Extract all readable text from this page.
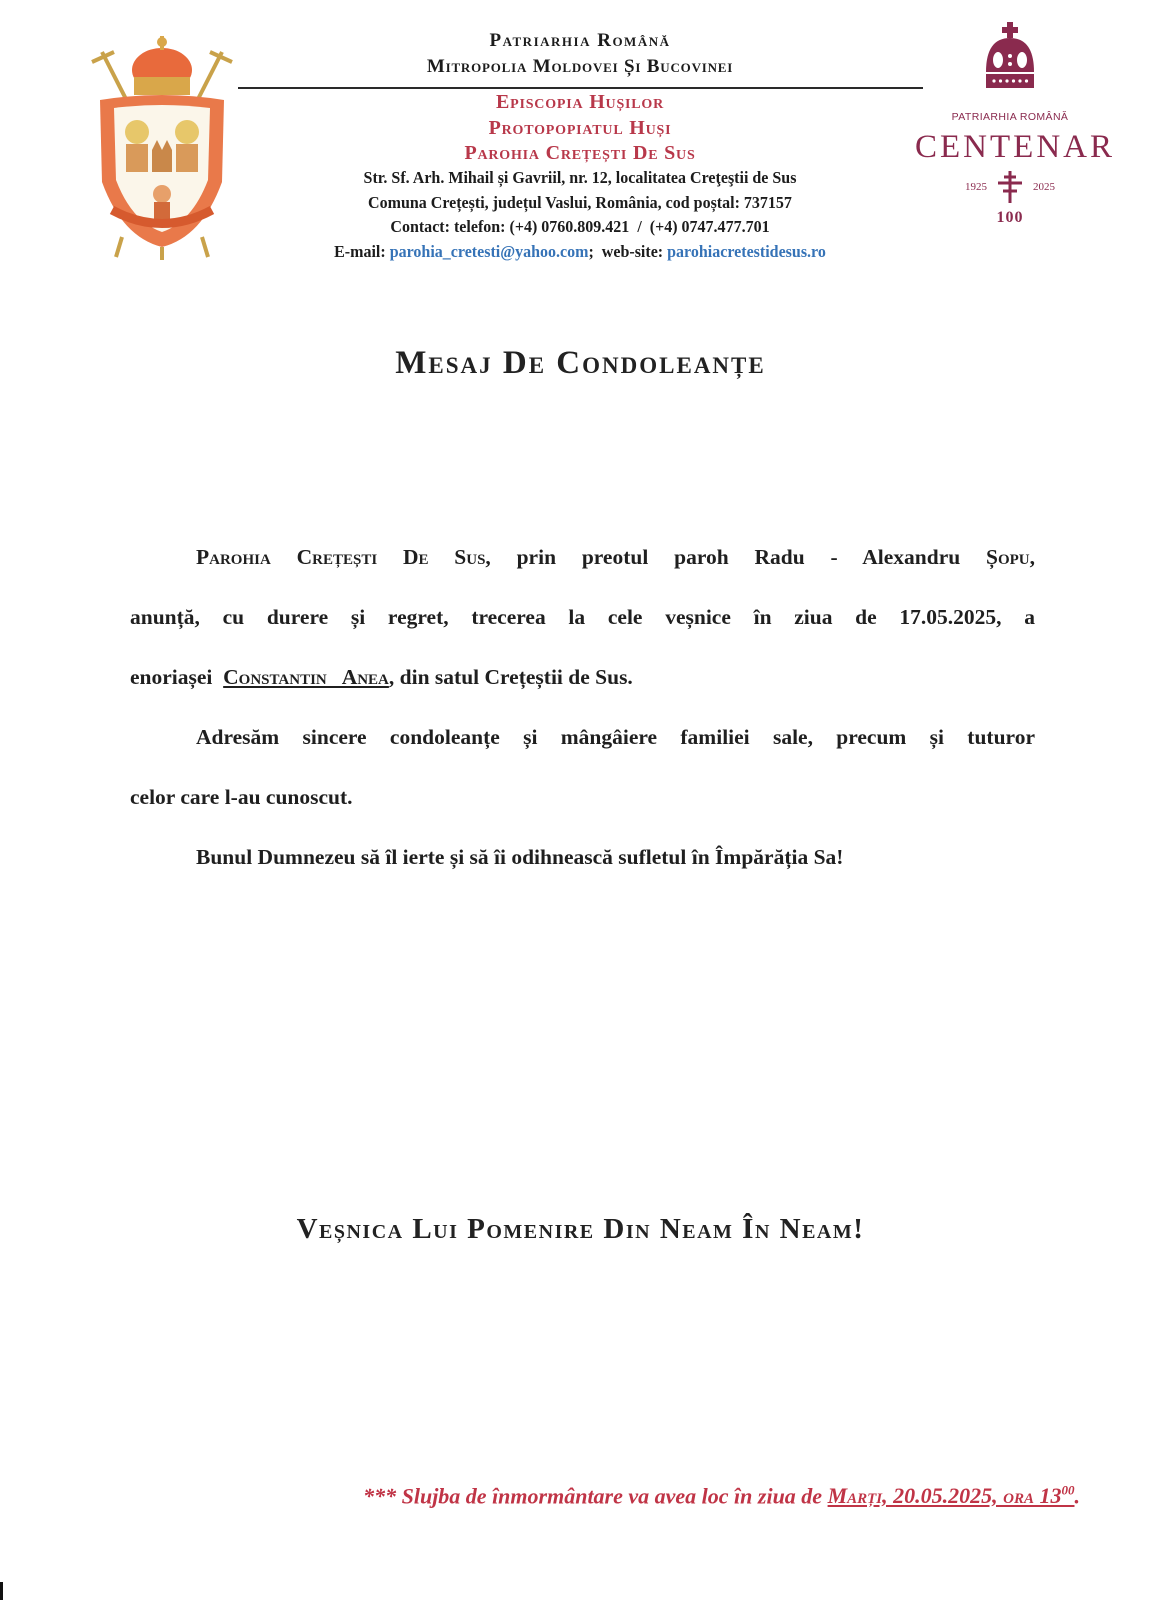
Patriarhia Română
Mitropolia Moldovei Și Bucovinei
Episcopia Hușilor
Protopopiatul Huși
Parohia Crețești De Sus
Str. Sf. Arh. Mihail și Gavriil, nr. 12, localitatea Creţeştii de Sus
Comuna Crețești, județul Vaslui, România, cod poștal: 737157
Contact: telefon: (+4) 0760.809.421  /  (+4) 0747.477.701
E-mail: parohia_cretesti@yahoo.com;  web-site: parohiacretestidesus.ro
PATRIARHIA ROMÂNĂ
CENTENAR
1925	2025
100
Mesaj De Condoleanțe
Parohia Crețești De Sus, prin preotul paroh Radu - Alexandru Șopu,
anunță, cu durere și regret, trecerea la cele veșnice în ziua de 17.05.2025, a
enoriașei  Constantin   Anea, din satul Crețeștii de Sus.
Adresăm sincere condoleanțe și mângâiere familiei sale, precum și tuturor
celor care l-au cunoscut.
Bunul Dumnezeu să îl ierte și să îi odihnească sufletul în Împărăția Sa!
Veșnica Lui Pomenire Din Neam În Neam!
*** Slujba de înmormântare va avea loc în ziua de Marți, 20.05.2025, ora $13^{00}$.
